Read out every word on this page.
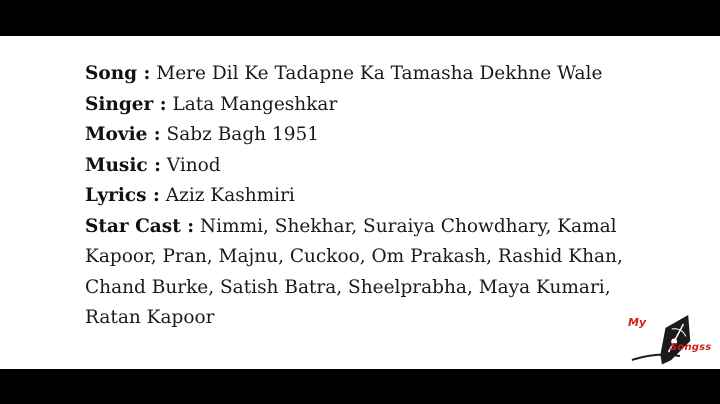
Song : Mere Dil Ke Tadapne Ka Tamasha Dekhne Wale
Singer : Lata Mangeshkar
Movie : Sabz Bagh 1951
Music : Vinod
Lyrics : Aziz Kashmiri
Star Cast : Nimmi, Shekhar, Suraiya Chowdhary, Kamal Kapoor, Pran, Majnu, Cuckoo, Om Prakash, Rashid Khan, Chand Burke, Satish Batra, Sheelprabha, Maya Kumari, Ratan Kapoor	My
Songss
